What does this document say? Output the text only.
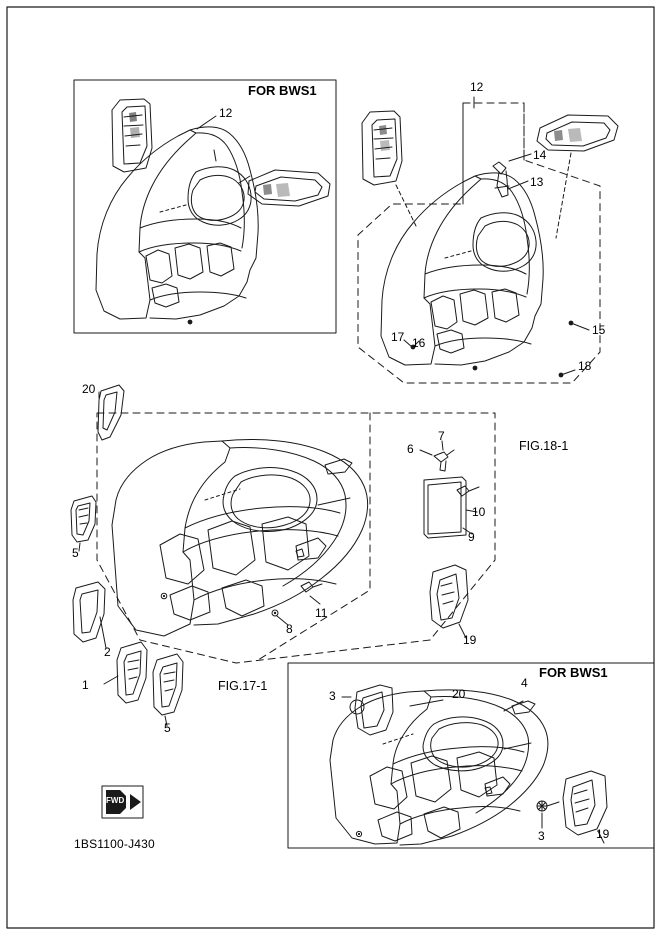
FOR BWS1
FOR BWS1
FIG.18-1
FIG.17-1
1BS1100-J430
FWD
12
12
14
13
15
18
17 16
20
7
6
10
9
5
11
8
19
2
1
5
3	20
4
3	19
